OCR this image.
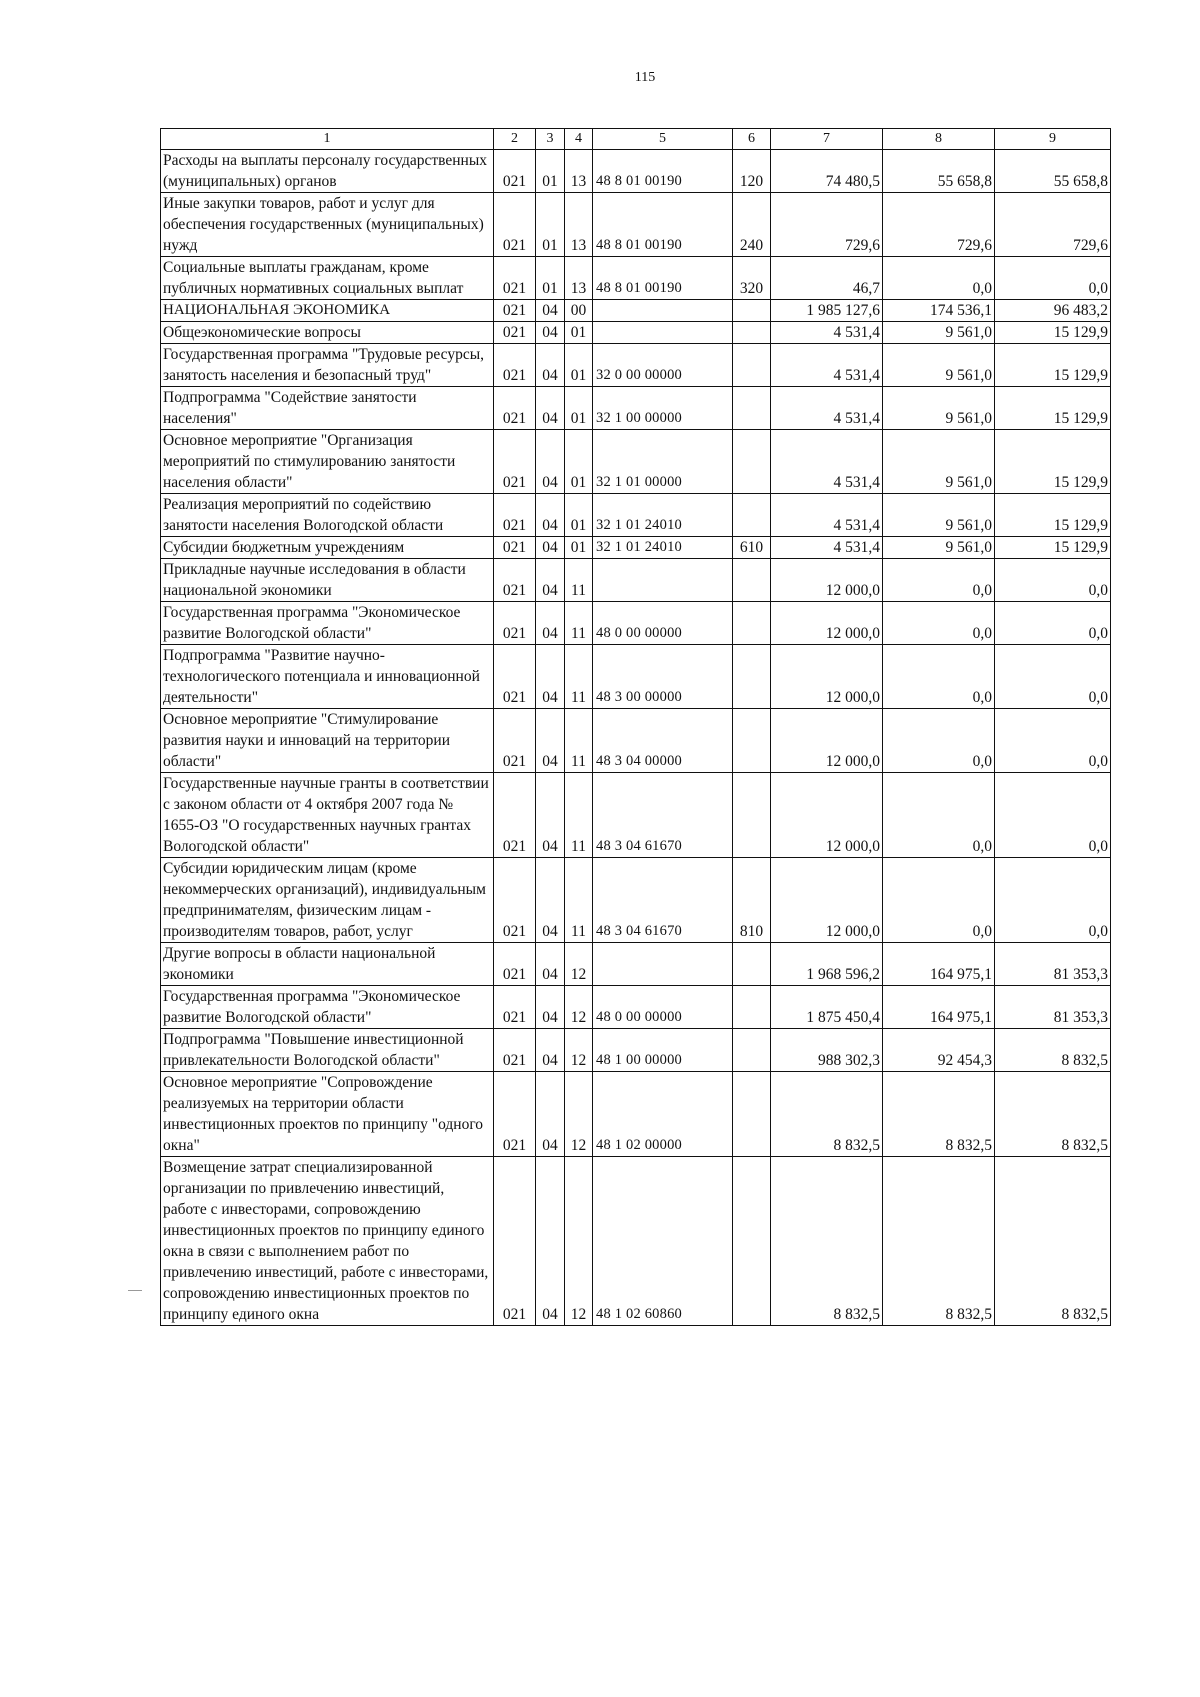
115
1	2	3	4	5	6	7	8	9
Расходы на выплаты персоналу государственных (муниципальных) органов	021	01	13	48 8 01 00190	120	74 480,5	55 658,8	55 658,8
Иные закупки товаров, работ и услуг для обеспечения государственных (муниципальных) нужд	021	01	13	48 8 01 00190	240	729,6	729,6	729,6
Социальные выплаты гражданам, кроме публичных нормативных социальных выплат	021	01	13	48 8 01 00190	320	46,7	0,0	0,0
НАЦИОНАЛЬНАЯ ЭКОНОМИКА	021	04	00			1 985 127,6	174 536,1	96 483,2
Общеэкономические вопросы	021	04	01			4 531,4	9 561,0	15 129,9
Государственная программа "Трудовые ресурсы, занятость населения и безопасный труд"	021	04	01	32 0 00 00000		4 531,4	9 561,0	15 129,9
Подпрограмма "Содействие занятости населения"	021	04	01	32 1 00 00000		4 531,4	9 561,0	15 129,9
Основное мероприятие "Организация мероприятий по стимулированию занятости населения области"	021	04	01	32 1 01 00000		4 531,4	9 561,0	15 129,9
Реализация мероприятий по содействию занятости населения Вологодской области	021	04	01	32 1 01 24010		4 531,4	9 561,0	15 129,9
Субсидии бюджетным учреждениям	021	04	01	32 1 01 24010	610	4 531,4	9 561,0	15 129,9
Прикладные научные исследования в области национальной экономики	021	04	11			12 000,0	0,0	0,0
Государственная программа "Экономическое развитие Вологодской области"	021	04	11	48 0 00 00000		12 000,0	0,0	0,0
Подпрограмма "Развитие научно-технологического потенциала и инновационной деятельности"	021	04	11	48 3 00 00000		12 000,0	0,0	0,0
Основное мероприятие "Стимулирование развития науки и инноваций на территории области"	021	04	11	48 3 04 00000		12 000,0	0,0	0,0
Государственные научные гранты в соответствии с законом области от 4 октября 2007 года № 1655-ОЗ "О государственных научных грантах Вологодской области"	021	04	11	48 3 04 61670		12 000,0	0,0	0,0
Субсидии юридическим лицам (кроме некоммерческих организаций), индивидуальным предпринимателям, физическим лицам - производителям товаров, работ, услуг	021	04	11	48 3 04 61670	810	12 000,0	0,0	0,0
Другие вопросы в области национальной экономики	021	04	12			1 968 596,2	164 975,1	81 353,3
Государственная программа "Экономическое развитие Вологодской области"	021	04	12	48 0 00 00000		1 875 450,4	164 975,1	81 353,3
Подпрограмма "Повышение инвестиционной привлекательности Вологодской области"	021	04	12	48 1 00 00000		988 302,3	92 454,3	8 832,5
Основное мероприятие "Сопровождение реализуемых на территории области инвестиционных проектов по принципу "одного окна"	021	04	12	48 1 02 00000		8 832,5	8 832,5	8 832,5
Возмещение затрат специализированной организации по привлечению инвестиций, работе с инвесторами, сопровождению инвестиционных проектов по принципу единого окна в связи с выполнением работ по привлечению инвестиций, работе с инвесторами, сопровождению инвестиционных проектов по принципу единого окна	021	04	12	48 1 02 60860		8 832,5	8 832,5	8 832,5
